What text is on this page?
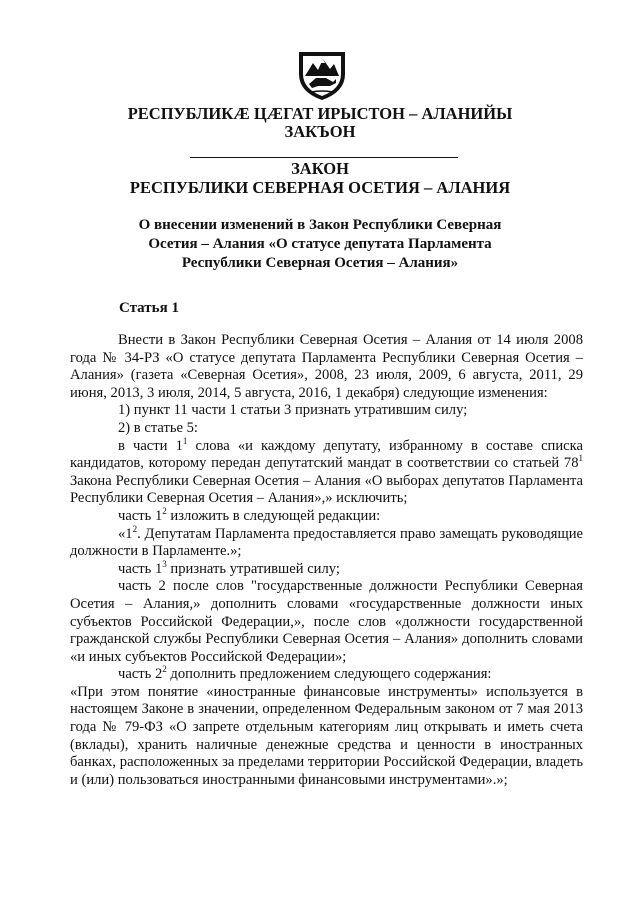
РЕСПУБЛИКӔ ЦӔГАТ ИРЫСТОН – АЛАНИЙЫ
ЗАКЪОН
ЗАКОН
РЕСПУБЛИКИ СЕВЕРНАЯ ОСЕТИЯ – АЛАНИЯ
О внесении изменений в Закон Республики Северная
Осетия – Алания «О статусе депутата Парламента
Республики Северная Осетия – Алания»
Статья 1

Внести в Закон Республики Северная Осетия – Алания от 14 июля 2008 года № 34-РЗ «О статусе депутата Парламента Республики Северная Осетия – Алания» (газета «Северная Осетия», 2008, 23 июля, 2009, 6 августа, 2011, 29 июня, 2013, 3 июля, 2014, 5 августа, 2016, 1 декабря) следующие изменения:

1) пункт 11 части 1 статьи 3 признать утратившим силу;

2) в статье 5:

в части $1^1$ слова «и каждому депутату, избранному в составе списка кандидатов, которому передан депутатский мандат в соответствии со статьей $78^1$ Закона Республики Северная Осетия – Алания «О выборах депутатов Парламента Республики Северная Осетия – Алания»,» исключить;

часть $1^2$ изложить в следующей редакции:

«$1^2$. Депутатам Парламента предоставляется право замещать руководящие должности в Парламенте.»;

часть $1^3$ признать утратившей силу;

часть 2 после слов "государственные должности Республики Северная Осетия – Алания,» дополнить словами «государственные должности иных субъектов Российской Федерации,», после слов «должности государственной гражданской службы Республики Северная Осетия – Алания» дополнить словами «и иных субъектов Российской Федерации»;

часть $2^2$ дополнить предложением следующего содержания:

«При этом понятие «иностранные финансовые инструменты» используется в настоящем Законе в значении, определенном Федеральным законом от 7 мая 2013 года № 79-ФЗ «О запрете отдельным категориям лиц открывать и иметь счета (вклады), хранить наличные денежные средства и ценности в иностранных банках, расположенных за пределами территории Российской Федерации, владеть и (или) пользоваться иностранными финансовыми инструментами».»;
